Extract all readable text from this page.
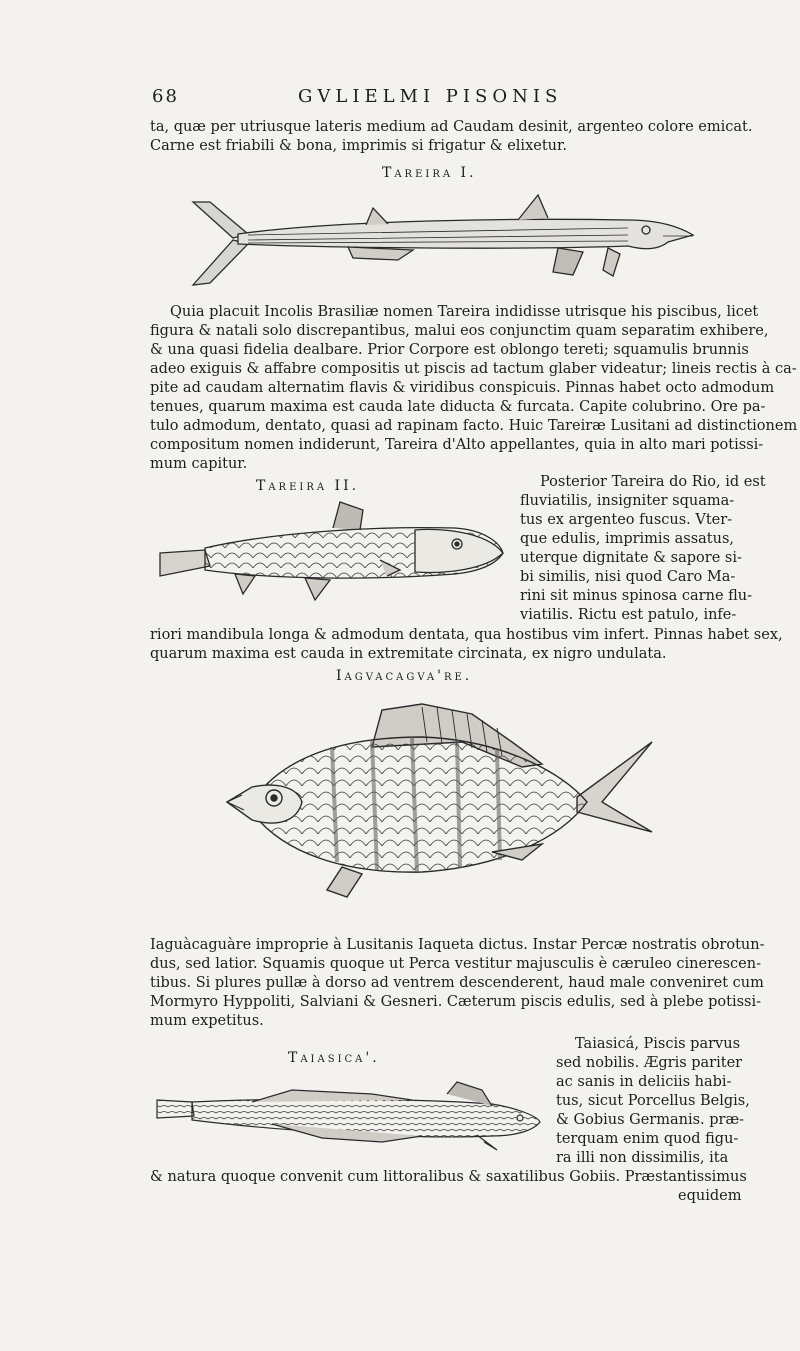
68	GVLIELMI PISONIS
ta, quæ per utriusque lateris medium ad Caudam desinit, argenteo colore emicat.
Carne est friabili & bona, imprimis si frigatur & elixetur.
Tareira I.
Quia placuit Incolis Brasiliæ nomen Tareira indidisse utrisque his piscibus, licet
figura & natali solo discrepantibus, malui eos conjunctim quam separatim exhibere,
& una quasi fidelia dealbare. Prior Corpore est oblongo tereti; squamulis brunnis
adeo exiguis & affabre compositis ut piscis ad tactum glaber videatur; lineis rectis à ca-
pite ad caudam alternatim flavis & viridibus conspicuis. Pinnas habet octo admodum
tenues, quarum maxima est cauda late diducta & furcata. Capite colubrino. Ore pa-
tulo admodum, dentato, quasi ad rapinam facto. Huic Tareiræ Lusitani ad distinctionem
compositum nomen indiderunt, Tareira d'Alto appellantes, quia in alto mari potissi-
mum capitur.
Tareira II.	Posterior Tareira do Rio, id est
fluviatilis, insigniter squama-
tus ex argenteo fuscus. Vter-
que edulis, imprimis assatus,
uterque dignitate & sapore si-
bi similis, nisi quod Caro Ma-
rini sit minus spinosa carne flu-
viatilis. Rictu est patulo, infe-
riori mandibula longa & admodum dentata, qua hostibus vim infert. Pinnas habet sex,
quarum maxima est cauda in extremitate circinata, ex nigro undulata.
Iagvacagva're.
Iaguàcaguàre improprie à Lusitanis Iaqueta dictus. Instar Percæ nostratis obrotun-
dus, sed latior. Squamis quoque ut Perca vestitur majusculis è cæruleo cinerescen-
tibus. Si plures pullæ à dorso ad ventrem descenderent, haud male conveniret cum
Mormyro Hyppoliti, Salviani & Gesneri. Cæterum piscis edulis, sed à plebe potissi-
mum expetitus.
Taiasica'.
Taiasicá, Piscis parvus
sed nobilis. Ægris pariter
ac sanis in deliciis habi-
tus, sicut Porcellus Belgis,
& Gobius Germanis. præ-
terquam enim quod figu-
ra illi non dissimilis, ita
& natura quoque convenit cum littoralibus & saxatilibus Gobiis. Præstantissimus
equidem
